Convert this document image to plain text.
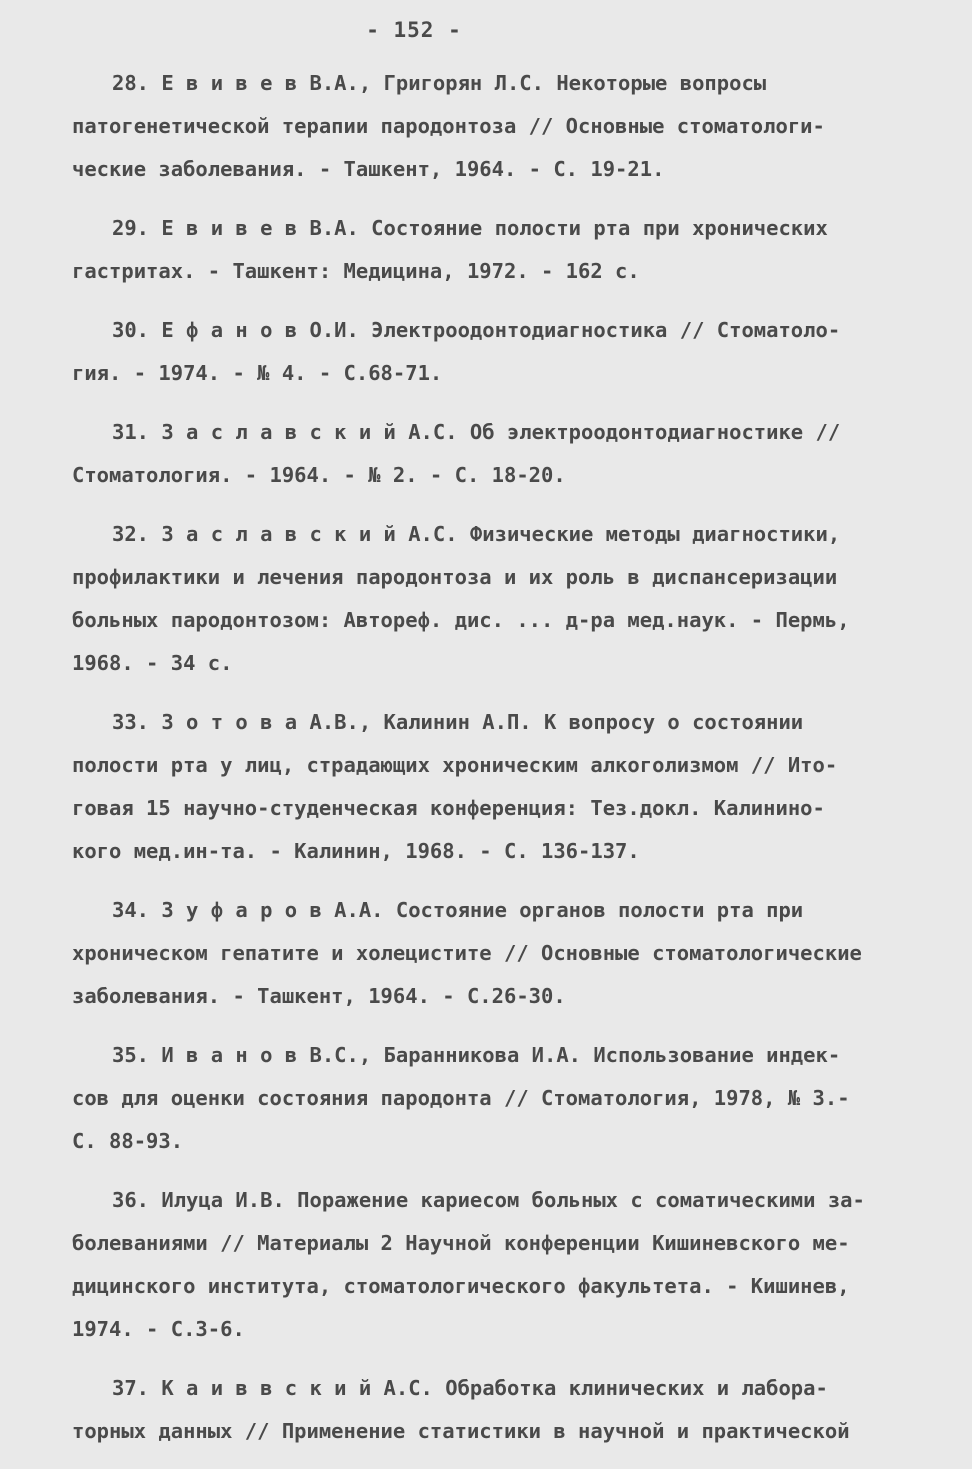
- 152 -
28. Е в и в е в В.А., Григорян Л.С. Некоторые вопросы
патогенетической терапии пародонтоза // Основные стоматологи-
ческие заболевания. - Ташкент, 1964. - С. 19-21.
29. Е в и в е в В.А. Состояние полости рта при хронических
гастритах. - Ташкент: Медицина, 1972. - 162 с.
30. Е ф а н о в О.И. Электроодонтодиагностика // Стоматоло-
гия. - 1974. - № 4. - С.68-71.
31. З а с л а в с к и й А.С. Об электроодонтодиагностике //
Стоматология. - 1964. - № 2. - С. 18-20.
32. З а с л а в с к и й А.С. Физические методы диагностики,
профилактики и лечения пародонтоза и их роль в диспансеризации
больных пародонтозом: Автореф. дис. ... д-ра мед.наук. - Пермь,
1968. - 34 с.
33. З о т о в а А.В., Калинин А.П. К вопросу о состоянии
полости рта у лиц, страдающих хроническим алкоголизмом // Ито-
говая 15 научно-студенческая конференция: Тез.докл. Калинино-
кого мед.ин-та. - Калинин, 1968. - С. 136-137.
34. З у ф а р о в А.А. Состояние органов полости рта при
хроническом гепатите и холецистите // Основные стоматологические
заболевания. - Ташкент, 1964. - С.26-30.
35. И в а н о в В.С., Баранникова И.А. Использование индек-
сов для оценки состояния пародонта // Стоматология, 1978, № 3.-
С. 88-93.
36. Илуца И.В. Поражение кариесом больных с соматическими за-
болеваниями // Материалы 2 Научной конференции Кишиневского ме-
дицинского института, стоматологического факультета. - Кишинев,
1974. - С.3-6.
37. К а и в в с к и й А.С. Обработка клинических и лабора-
торных данных // Применение статистики в научной и практической
